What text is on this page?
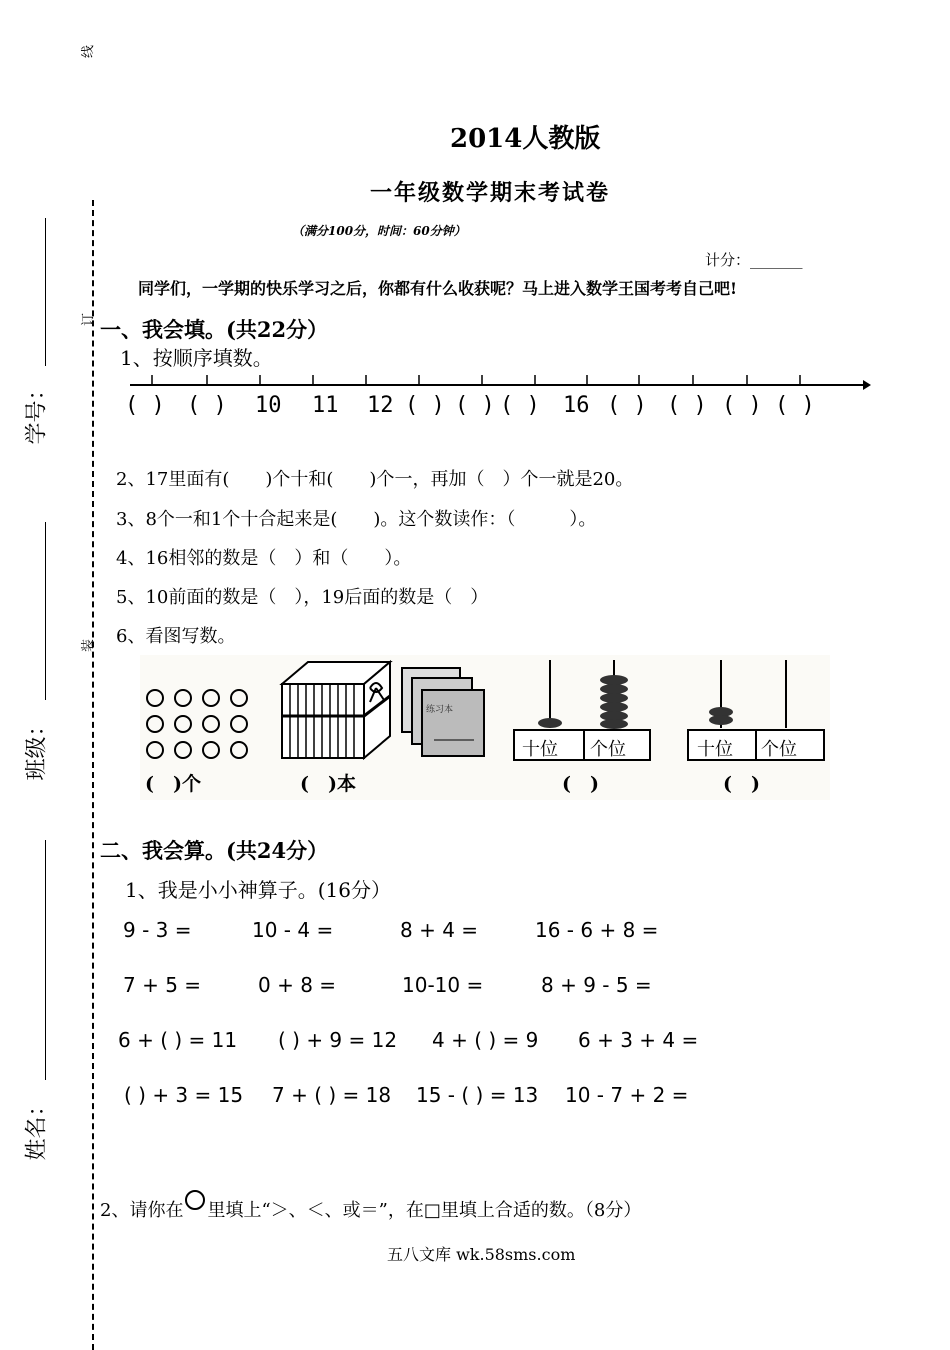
线
订
装
学号：
班级：
姓名：
2014人教版
一年级数学期末考试卷
（满分100分，时间：60分钟）
计分：_______
同学们，一学期的快乐学习之后，你都有什么收获呢？马上进入数学王国考考自己吧!
一、我会填。(共22分）
1、按顺序填数。
( ) ( ) 10 11 12 ( ) ( ) ( ) 16 ( ) ( ) ( ) ( )
2、17里面有(　　)个十和(　　)个一，再加（　）个一就是20。
3、8个一和1个十合起来是(　　)。这个数读作：（　　　）。
4、16相邻的数是（　）和（　　）。
5、10前面的数是（　），19后面的数是（　）
6、看图写数。
(　)个	(　)本
练习本
十位 个位
(　)
十位 个位
(　)
二、我会算。(共24分）
1、我是小小神算子。(16分）
9 - 3 =	10 - 4 =	8 + 4 =	16 - 6 + 8 =
7 + 5 =	0 + 8 =	10-10 =	8 + 9 - 5 =
6 + ( ) = 11 ( ) + 9 = 12 4 + ( ) = 9 6 + 3 + 4 =
( ) + 3 = 15 7 + ( ) = 18 15 - ( ) = 13 10 - 7 + 2 =
2、请你在 里填上“＞、＜、或＝”，在□里填上合适的数。（8分）
五八文库 wk.58sms.com
